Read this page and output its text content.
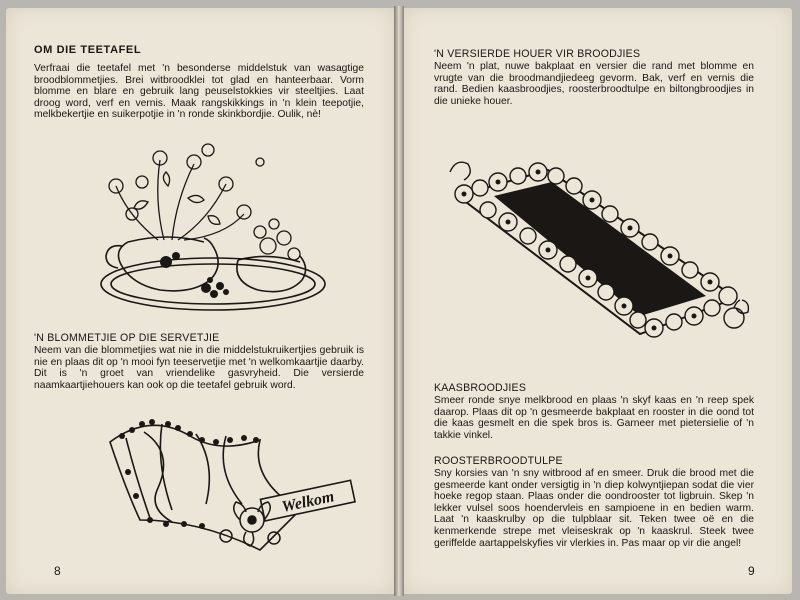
OM DIE TEETAFEL
Verfraai die teetafel met 'n besonderse middelstuk van wasagtige broodblommetjies. Brei witbroodklei tot glad en hanteerbaar. Vorm blomme en blare en gebruik lang peuselstokkies vir steeltjies. Laat droog word, verf en vernis. Maak rangskikkings in 'n klein teepotjie, melkbekertjie en suikerpotjie in 'n ronde skinkbordjie. Oulik, nè!
'N BLOMMETJIE OP DIE SERVETJIE
Neem van die blommetjies wat nie in die middelstukruikertjies gebruik is nie en plaas dit op 'n mooi fyn teeservetjie met 'n welkomkaartjie daarby. Dit is 'n groet van vriendelike gasvryheid. Die versierde naamkaartjiehouers kan ook op die teetafel gebruik word.
Welkom
8
'N VERSIERDE HOUER VIR BROODJIES
Neem 'n plat, nuwe bakplaat en versier die rand met blomme en vrugte van die broodmandjiedeeg gevorm. Bak, verf en vernis die rand. Bedien kaasbroodjies, roosterbroodtulpe en biltongbroodjies in die unieke houer.
KAASBROODJIES
Smeer ronde snye melkbrood en plaas 'n skyf kaas en 'n reep spek daarop. Plaas dit op 'n gesmeerde bakplaat en rooster in die oond tot die kaas gesmelt en die spek bros is. Garneer met pietersielie of 'n takkie vinkel.
ROOSTERBROODTULPE
Sny korsies van 'n sny witbrood af en smeer. Druk die brood met die gesmeerde kant onder versigtig in 'n diep kolwyntjiepan sodat die vier hoeke regop staan. Plaas onder die oondrooster tot ligbruin. Skep 'n lekker vulsel soos hoendervleis en sampioene in en bedien warm. Laat 'n kaaskrulby op die tulpblaar sit. Teken twee oë en die kenmerkende strepe met vleiseskrak op 'n kaaskrul. Steek twee geriffelde aartappelskyfies vir vlerkies in. Pas maar op vir die angel!
9
